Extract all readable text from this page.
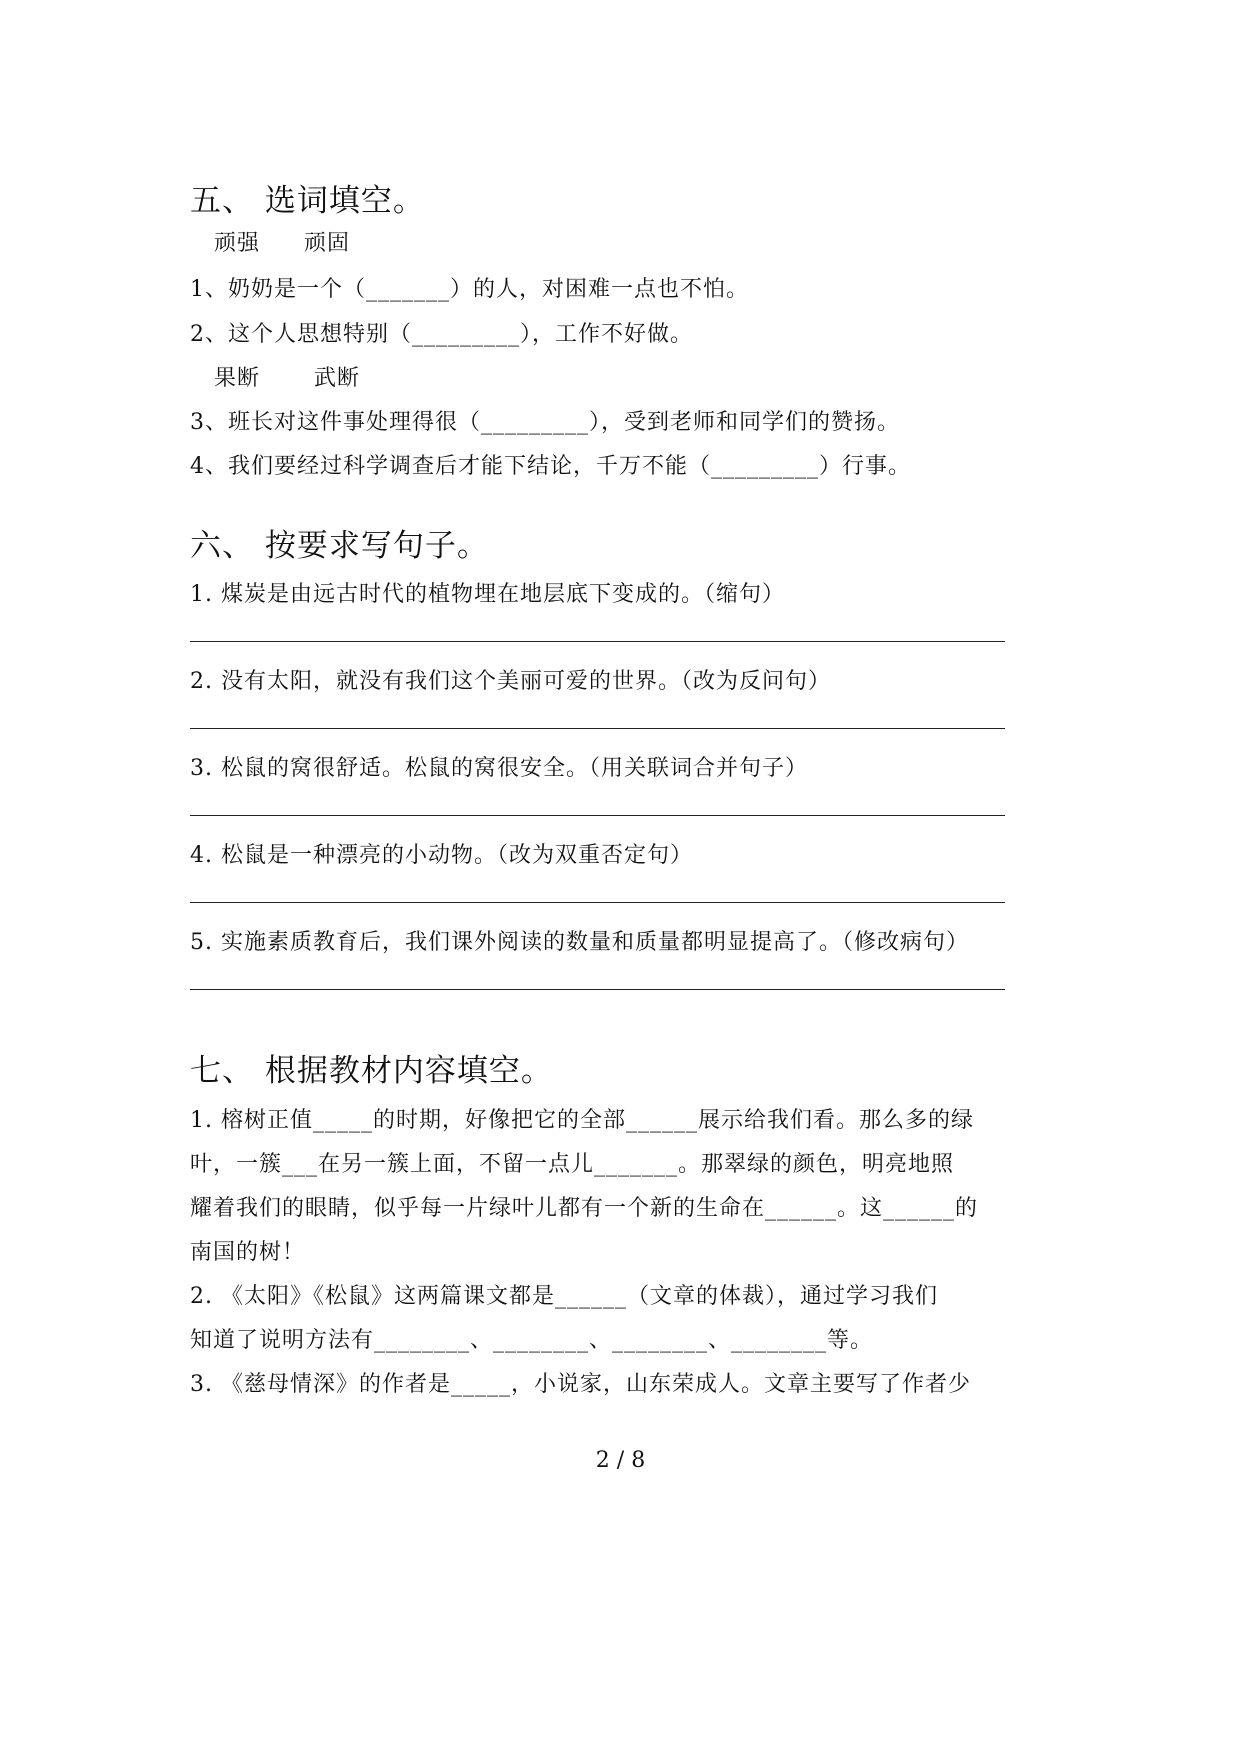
五、 选词填空。
顽强 顽固
1、奶奶是一个（_______）的人，对困难一点也不怕。
2、这个人思想特别（_________），工作不好做。
果断 武断
3、班长对这件事处理得很（_________），受到老师和同学们的赞扬。
4、我们要经过科学调查后才能下结论，千万不能（_________）行事。
六、 按要求写句子。
1. 煤炭是由远古时代的植物埋在地层底下变成的。（缩句）
2. 没有太阳，就没有我们这个美丽可爱的世界。（改为反问句）
3. 松鼠的窝很舒适。松鼠的窝很安全。（用关联词合并句子）
4. 松鼠是一种漂亮的小动物。（改为双重否定句）
5. 实施素质教育后，我们课外阅读的数量和质量都明显提高了。（修改病句）
七、 根据教材内容填空。
1. 榕树正值_____的时期，好像把它的全部______展示给我们看。那么多的绿
叶，一簇___在另一簇上面，不留一点儿_______。那翠绿的颜色，明亮地照
耀着我们的眼睛，似乎每一片绿叶儿都有一个新的生命在______。这______的
南国的树！
2. 《太阳》《松鼠》这两篇课文都是______（文章的体裁），通过学习我们
知道了说明方法有________、________、________、________等。
3. 《慈母情深》的作者是_____，小说家，山东荣成人。文章主要写了作者少
2 / 8
